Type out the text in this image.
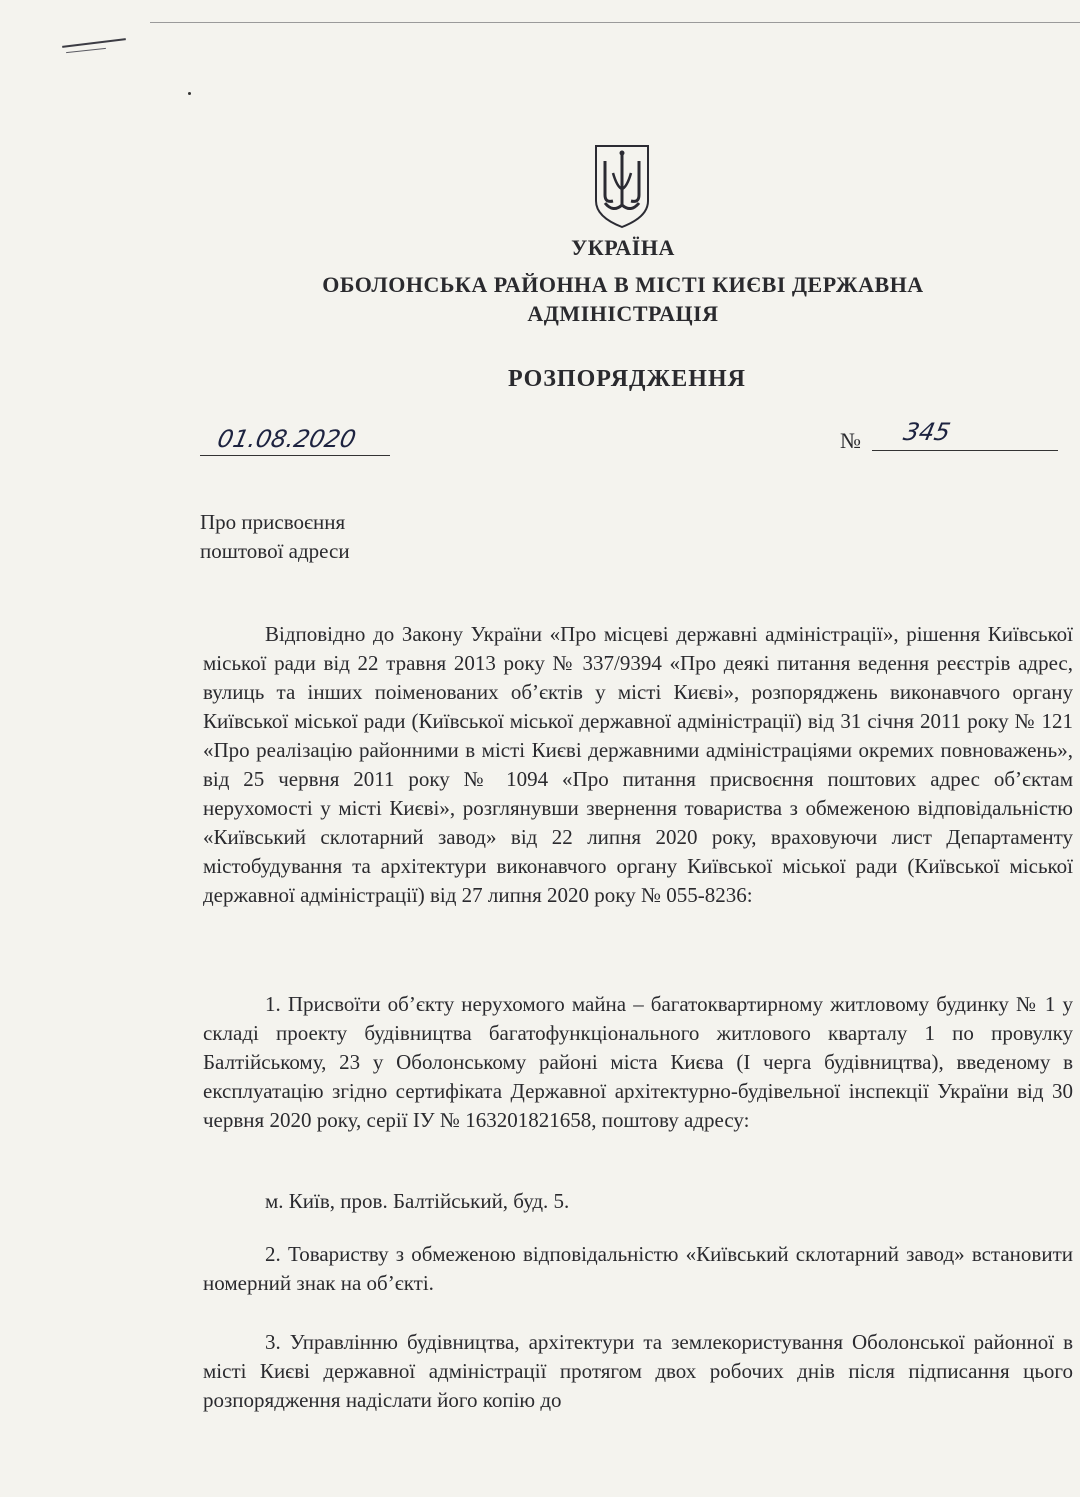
УКРАЇНА
ОБОЛОНСЬКА РАЙОННА В МІСТІ КИЄВІ ДЕРЖАВНА
АДМІНІСТРАЦІЯ
РОЗПОРЯДЖЕННЯ
01.08.2020	№ 345
Про присвоєння
поштової адреси
Відповідно до Закону України «Про місцеві державні адміністрації», рішення Київської міської ради від 22 травня 2013 року № 337/9394 «Про деякі питання ведення реєстрів адрес, вулиць та інших поіменованих об’єктів у місті Києві», розпоряджень виконавчого органу Київської міської ради (Київської міської державної адміністрації) від 31 січня 2011 року № 121 «Про реалізацію районними в місті Києві державними адміністраціями окремих повноважень», від 25 червня 2011 року № 1094 «Про питання присвоєння поштових адрес об’єктам нерухомості у місті Києві», розглянувши звернення товариства з обмеженою відповідальністю «Київський склотарний завод» від 22 липня 2020 року, враховуючи лист Департаменту містобудування та архітектури виконавчого органу Київської міської ради (Київської міської державної адміністрації) від 27 липня 2020 року № 055-8236:
1. Присвоїти об’єкту нерухомого майна – багатоквартирному житловому будинку № 1 у складі проекту будівництва багатофункціонального житлового кварталу 1 по провулку Балтійському, 23 у Оболонському районі міста Києва (I черга будівництва), введеному в експлуатацію згідно сертифіката Державної архітектурно-будівельної інспекції України від 30 червня 2020 року, серії IУ № 163201821658, поштову адресу:
м. Київ, пров. Балтійський, буд. 5.
2. Товариству з обмеженою відповідальністю «Київський склотарний завод» встановити номерний знак на об’єкті.
3. Управлінню будівництва, архітектури та землекористування Оболонської районної в місті Києві державної адміністрації протягом двох робочих днів після підписання цього розпорядження надіслати його копію до
